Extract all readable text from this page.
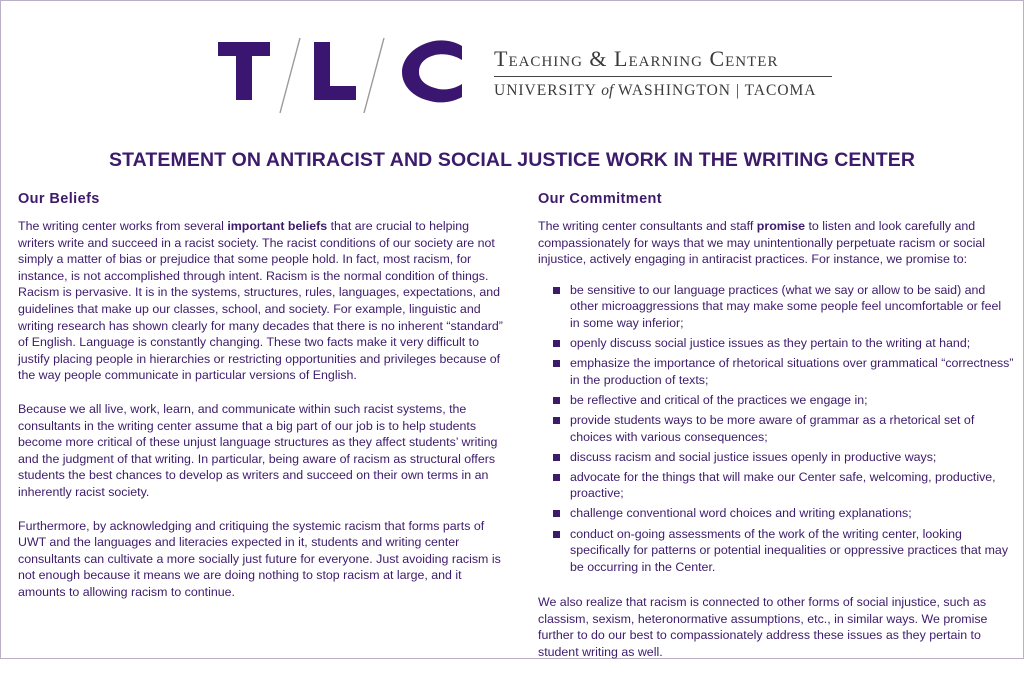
Teaching & Learning Center
UNIVERSITY of WASHINGTON | TACOMA
STATEMENT ON ANTIRACIST AND SOCIAL JUSTICE WORK IN THE WRITING CENTER
Our Beliefs

The writing center works from several important beliefs that are crucial to helping writers write and succeed in a racist society. The racist conditions of our society are not simply a matter of bias or prejudice that some people hold. In fact, most racism, for instance, is not accomplished through intent. Racism is the normal condition of things. Racism is pervasive. It is in the systems, structures, rules, languages, expectations, and guidelines that make up our classes, school, and society. For example, linguistic and writing research has shown clearly for many decades that there is no inherent “standard” of English. Language is constantly changing. These two facts make it very difficult to justify placing people in hierarchies or restricting opportunities and privileges because of the way people communicate in particular versions of English.

Because we all live, work, learn, and communicate within such racist systems, the consultants in the writing center assume that a big part of our job is to help students become more critical of these unjust language structures as they affect students’ writing and the judgment of that writing. In particular, being aware of racism as structural offers students the best chances to develop as writers and succeed on their own terms in an inherently racist society.

Furthermore, by acknowledging and critiquing the systemic racism that forms parts of UWT and the languages and literacies expected in it, students and writing center consultants can cultivate a more socially just future for everyone. Just avoiding racism is not enough because it means we are doing nothing to stop racism at large, and it amounts to allowing racism to continue.

Our Commitment

The writing center consultants and staff promise to listen and look carefully and compassionately for ways that we may unintentionally perpetuate racism or social injustice, actively engaging in antiracist practices. For instance, we promise to:

be sensitive to our language practices (what we say or allow to be said) and other microaggressions that may make some people feel uncomfortable or feel in some way inferior;
openly discuss social justice issues as they pertain to the writing at hand;
emphasize the importance of rhetorical situations over grammatical “correctness” in the production of texts;
be reflective and critical of the practices we engage in;
provide students ways to be more aware of grammar as a rhetorical set of choices with various consequences;
discuss racism and social justice issues openly in productive ways;
advocate for the things that will make our Center safe, welcoming, productive, proactive;
challenge conventional word choices and writing explanations;
conduct on-going assessments of the work of the writing center, looking specifically for patterns or potential inequalities or oppressive practices that may be occurring in the Center.

We also realize that racism is connected to other forms of social injustice, such as classism, sexism, heteronormative assumptions, etc., in similar ways. We promise further to do our best to compassionately address these issues as they pertain to student writing as well.
